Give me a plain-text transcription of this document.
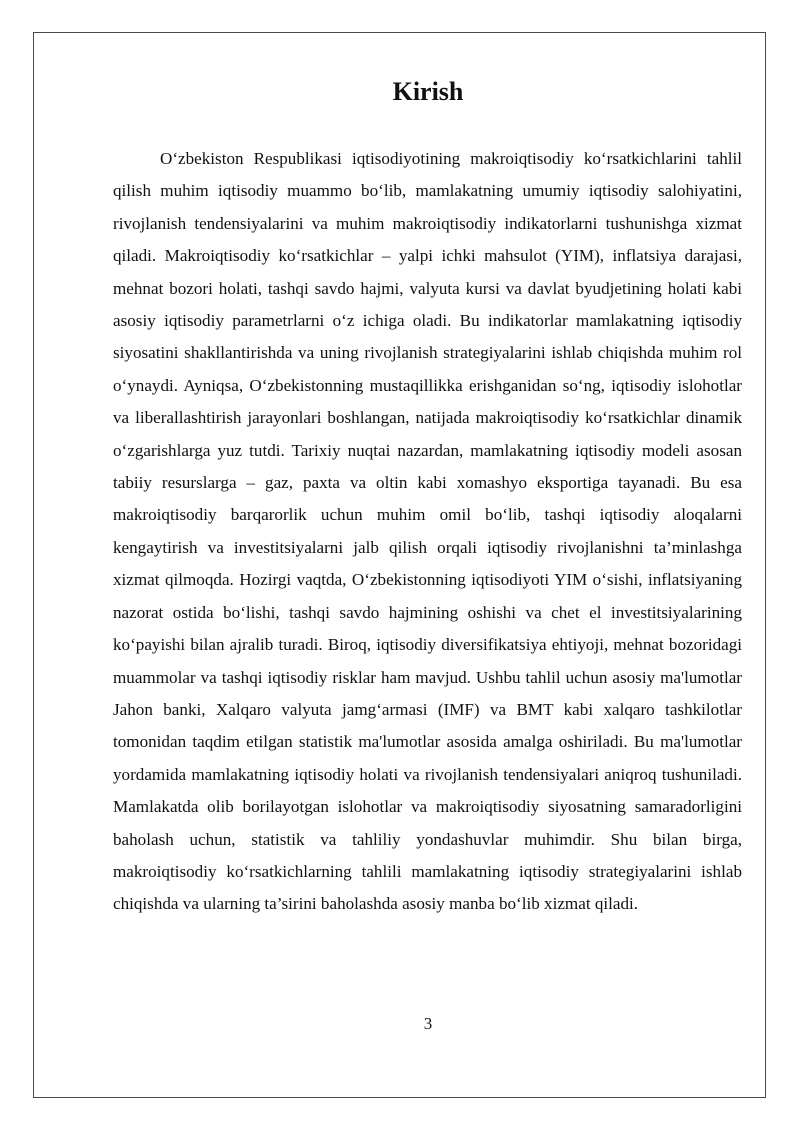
Kirish

O‘zbekiston Respublikasi iqtisodiyotining makroiqtisodiy ko‘rsatkichlarini tahlil qilish muhim iqtisodiy muammo bo‘lib, mamlakatning umumiy iqtisodiy salohiyatini, rivojlanish tendensiyalarini va muhim makroiqtisodiy indikatorlarni tushunishga xizmat qiladi. Makroiqtisodiy ko‘rsatkichlar – yalpi ichki mahsulot (YIM), inflatsiya darajasi, mehnat bozori holati, tashqi savdo hajmi, valyuta kursi va davlat byudjetining holati kabi asosiy iqtisodiy parametrlarni o‘z ichiga oladi. Bu indikatorlar mamlakatning iqtisodiy siyosatini shakllantirishda va uning rivojlanish strategiyalarini ishlab chiqishda muhim rol o‘ynaydi. Ayniqsa, O‘zbekistonning mustaqillikka erishganidan so‘ng, iqtisodiy islohotlar va liberallashtirish jarayonlari boshlangan, natijada makroiqtisodiy ko‘rsatkichlar dinamik o‘zgarishlarga yuz tutdi. Tarixiy nuqtai nazardan, mamlakatning iqtisodiy modeli asosan tabiiy resurslarga – gaz, paxta va oltin kabi xomashyo eksportiga tayanadi. Bu esa makroiqtisodiy barqarorlik uchun muhim omil bo‘lib, tashqi iqtisodiy aloqalarni kengaytirish va investitsiyalarni jalb qilish orqali iqtisodiy rivojlanishni ta’minlashga xizmat qilmoqda. Hozirgi vaqtda, O‘zbekistonning iqtisodiyoti YIM o‘sishi, inflatsiyaning nazorat ostida bo‘lishi, tashqi savdo hajmining oshishi va chet el investitsiyalarining ko‘payishi bilan ajralib turadi. Biroq, iqtisodiy diversifikatsiya ehtiyoji, mehnat bozoridagi muammolar va tashqi iqtisodiy risklar ham mavjud. Ushbu tahlil uchun asosiy ma'lumotlar Jahon banki, Xalqaro valyuta jamg‘armasi (IMF) va BMT kabi xalqaro tashkilotlar tomonidan taqdim etilgan statistik ma'lumotlar asosida amalga oshiriladi. Bu ma'lumotlar yordamida mamlakatning iqtisodiy holati va rivojlanish tendensiyalari aniqroq tushuniladi. Mamlakatda olib borilayotgan islohotlar va makroiqtisodiy siyosatning samaradorligini baholash uchun, statistik va tahliliy yondashuvlar muhimdir. Shu bilan birga, makroiqtisodiy ko‘rsatkichlarning tahlili mamlakatning iqtisodiy strategiyalarini ishlab chiqishda va ularning ta’sirini baholashda asosiy manba bo‘lib xizmat qiladi.

3
